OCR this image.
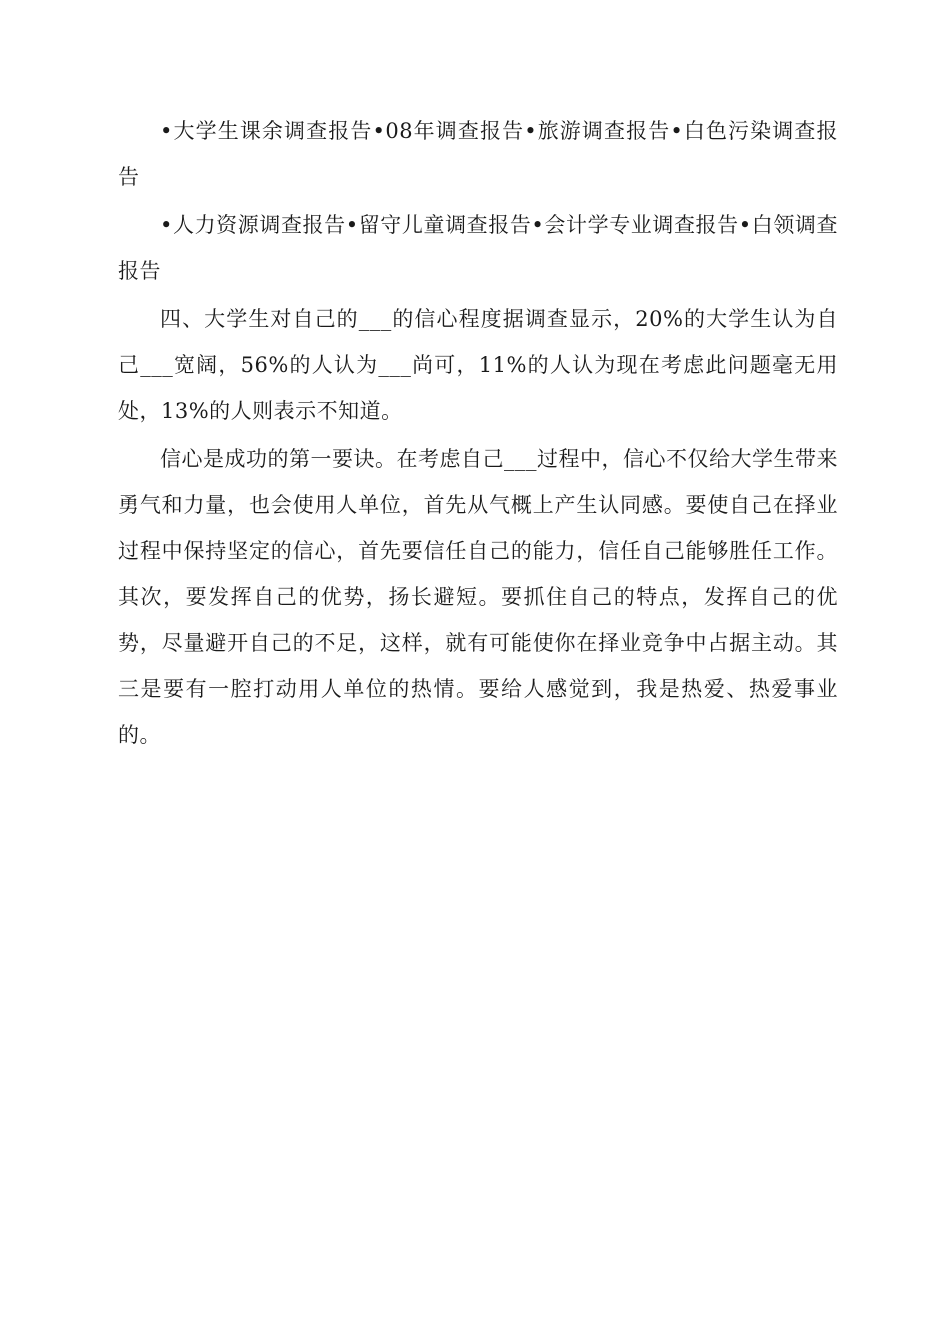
•大学生课余调查报告•08年调查报告•旅游调查报告•白色污染调查报告

•人力资源调查报告•留守儿童调查报告•会计学专业调查报告•白领调查报告

四、大学生对自己的___的信心程度据调查显示，20%的大学生认为自己___宽阔，56%的人认为___尚可，11%的人认为现在考虑此问题毫无用处，13%的人则表示不知道。

信心是成功的第一要诀。在考虑自己___过程中，信心不仅给大学生带来勇气和力量，也会使用人单位，首先从气概上产生认同感。要使自己在择业过程中保持坚定的信心，首先要信任自己的能力，信任自己能够胜任工作。其次，要发挥自己的优势，扬长避短。要抓住自己的特点，发挥自己的优势，尽量避开自己的不足，这样，就有可能使你在择业竞争中占据主动。其三是要有一腔打动用人单位的热情。要给人感觉到，我是热爱、热爱事业的。
